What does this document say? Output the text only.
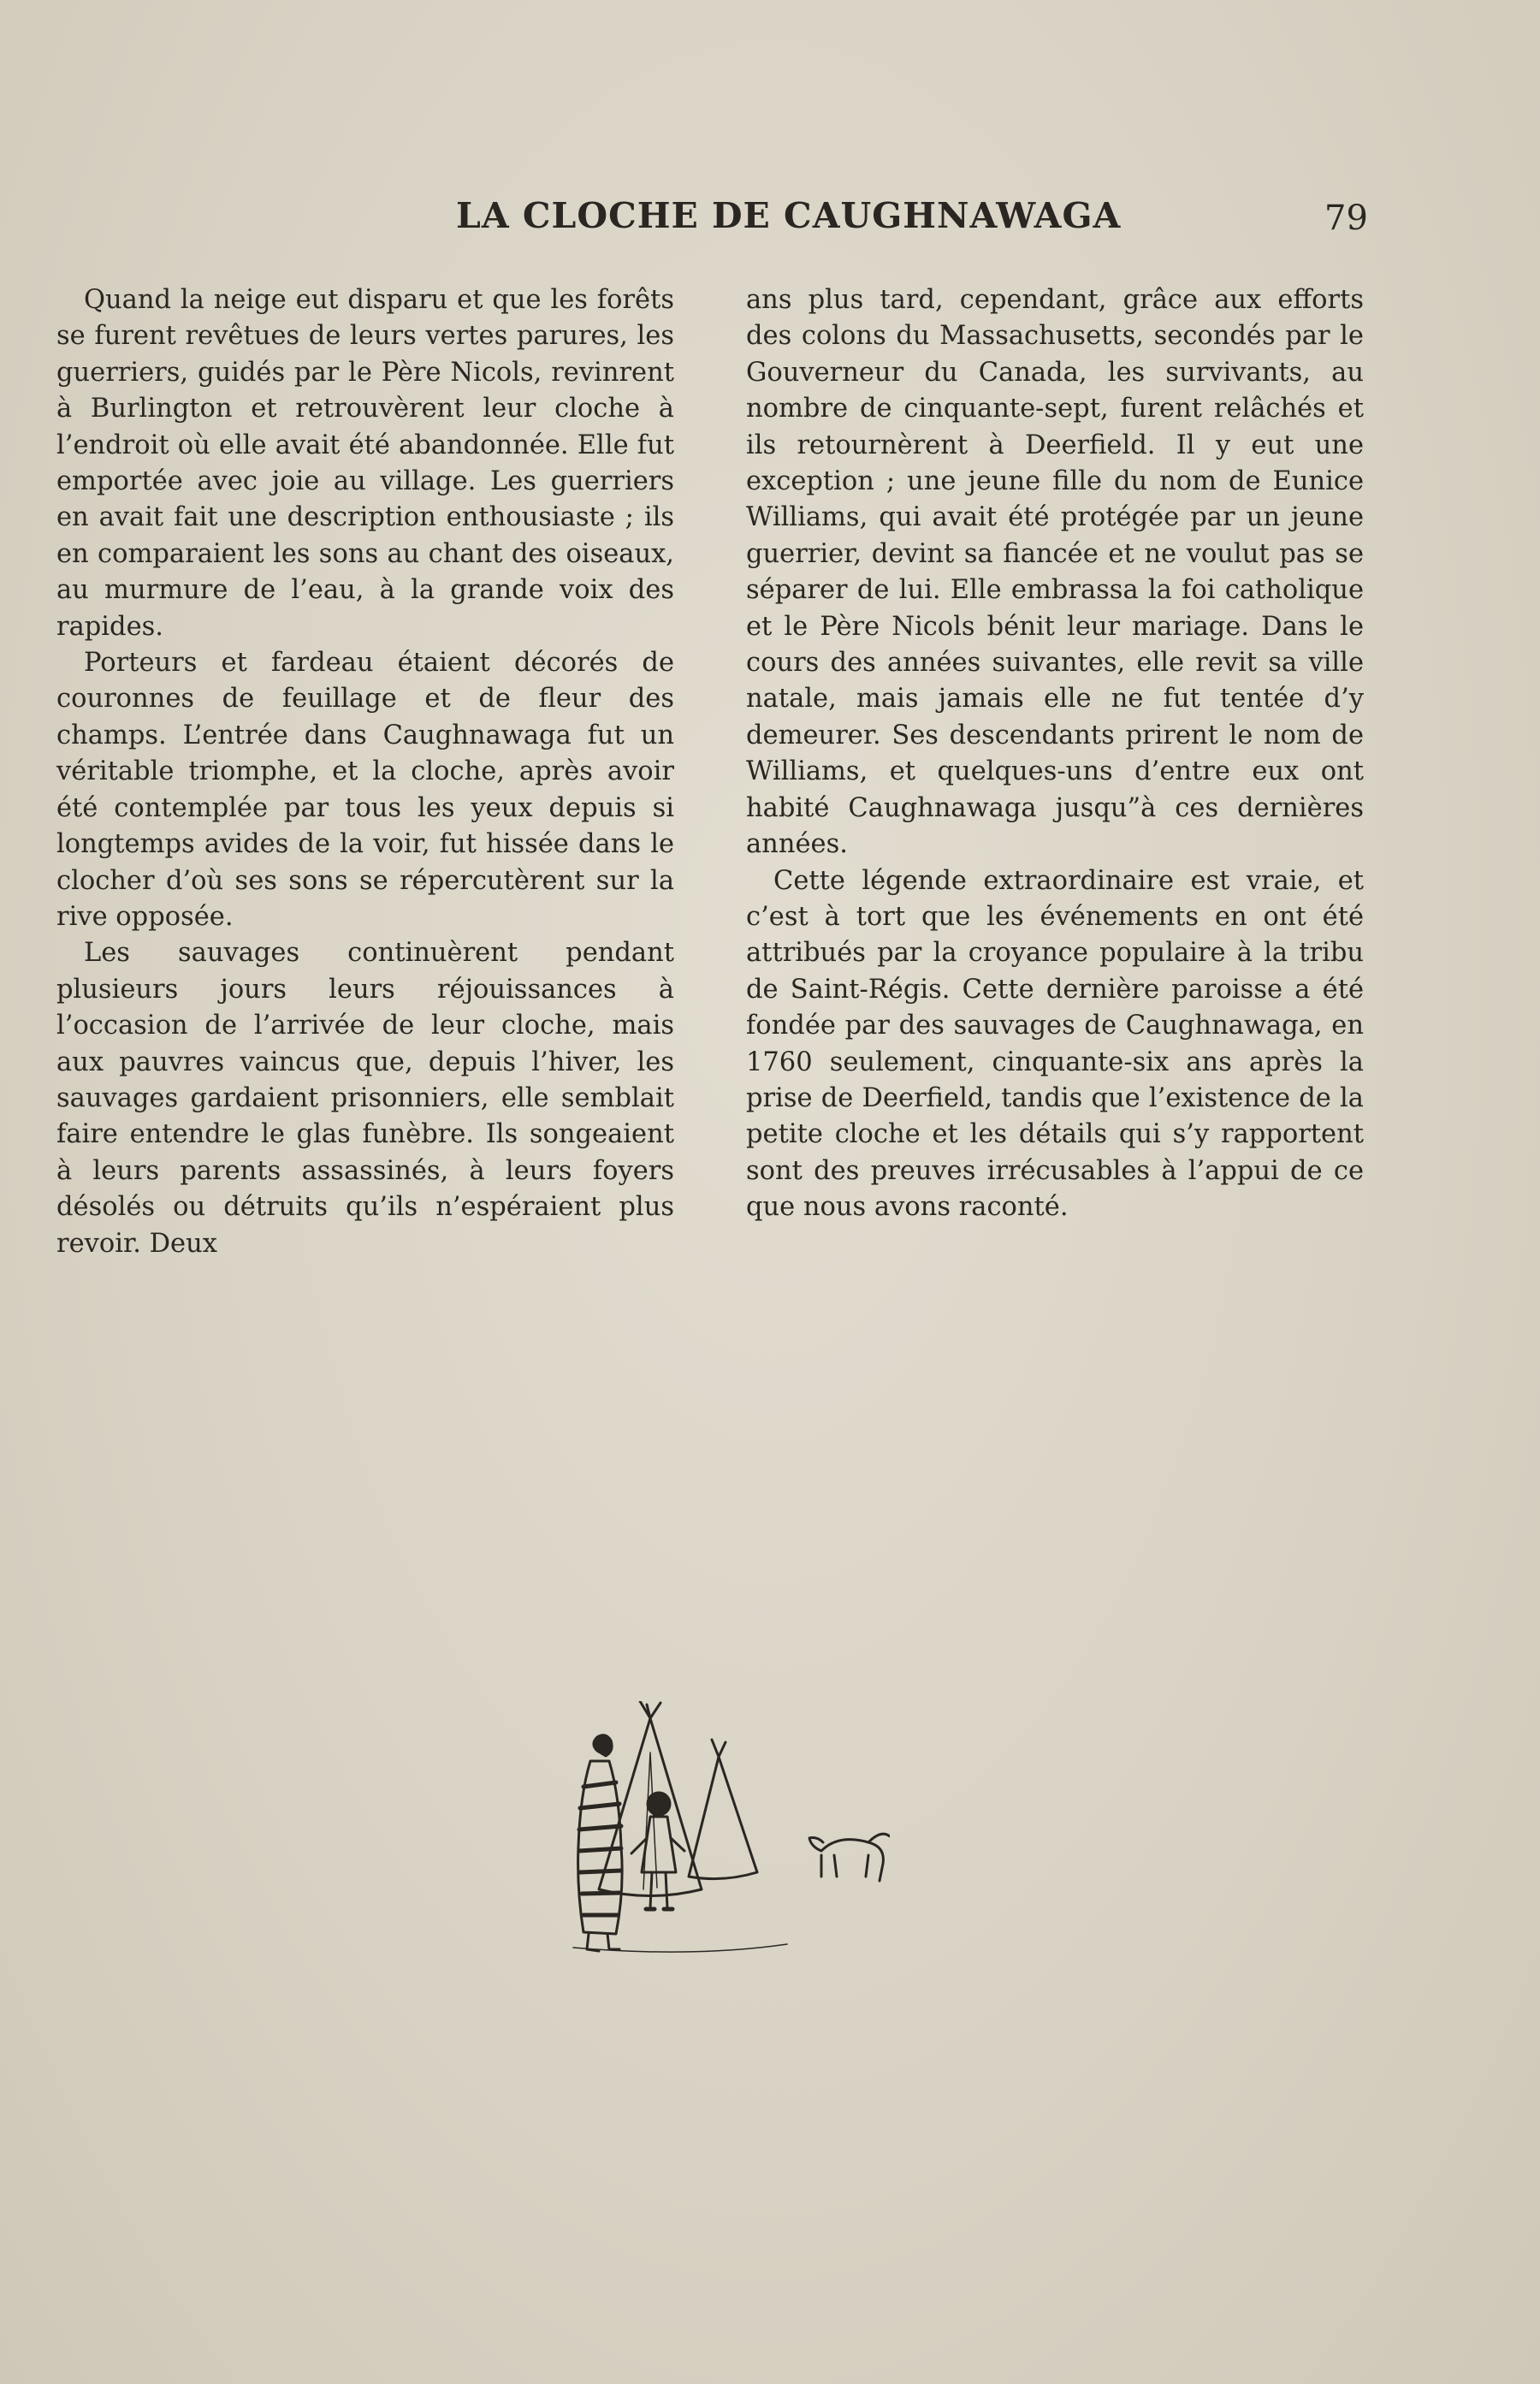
LA CLOCHE DE CAUGHNAWAGA	79

Quand la neige eut disparu et que les forêts se furent revêtues de leurs vertes parures, les guerriers, guidés par le Père Nicols, revinrent à Burlington et retrouvèrent leur cloche à l’endroit où elle avait été abandonnée. Elle fut emportée avec joie au village. Les guerriers en avait fait une description enthousiaste ; ils en comparaient les sons au chant des oiseaux, au murmure de l’eau, à la grande voix des rapides.

Porteurs et fardeau étaient décorés de couronnes de feuillage et de fleur des champs. L’entrée dans Caughnawaga fut un véritable triomphe, et la cloche, après avoir été contemplée par tous les yeux depuis si longtemps avides de la voir, fut hissée dans le clocher d’où ses sons se répercutèrent sur la rive opposée.

Les sauvages continuèrent pendant plusieurs jours leurs réjouissances à l’occasion de l’arrivée de leur cloche, mais aux pauvres vaincus que, depuis l’hiver, les sauvages gardaient prisonniers, elle semblait faire entendre le glas funèbre. Ils songeaient à leurs parents assassinés, à leurs foyers désolés ou détruits qu’ils n’espéraient plus revoir. Deux

ans plus tard, cependant, grâce aux efforts des colons du Massachusetts, secondés par le Gouverneur du Canada, les survivants, au nombre de cinquante-sept, furent relâchés et ils retournèrent à Deerfield. Il y eut une exception ; une jeune fille du nom de Eunice Williams, qui avait été protégée par un jeune guerrier, devint sa fiancée et ne voulut pas se séparer de lui. Elle embrassa la foi catholique et le Père Nicols bénit leur mariage. Dans le cours des années suivantes, elle revit sa ville natale, mais jamais elle ne fut tentée d’y demeurer. Ses descendants prirent le nom de Williams, et quelques-uns d’entre eux ont habité Caughnawaga jusqu”à ces dernières années.

Cette légende extraordinaire est vraie, et c’est à tort que les événements en ont été attribués par la croyance populaire à la tribu de Saint-Régis. Cette dernière paroisse a été fondée par des sauvages de Caughnawaga, en 1760 seulement, cinquante-six ans après la prise de Deerfield, tandis que l’existence de la petite cloche et les détails qui s’y rapportent sont des preuves irrécusables à l’appui de ce que nous avons raconté.
